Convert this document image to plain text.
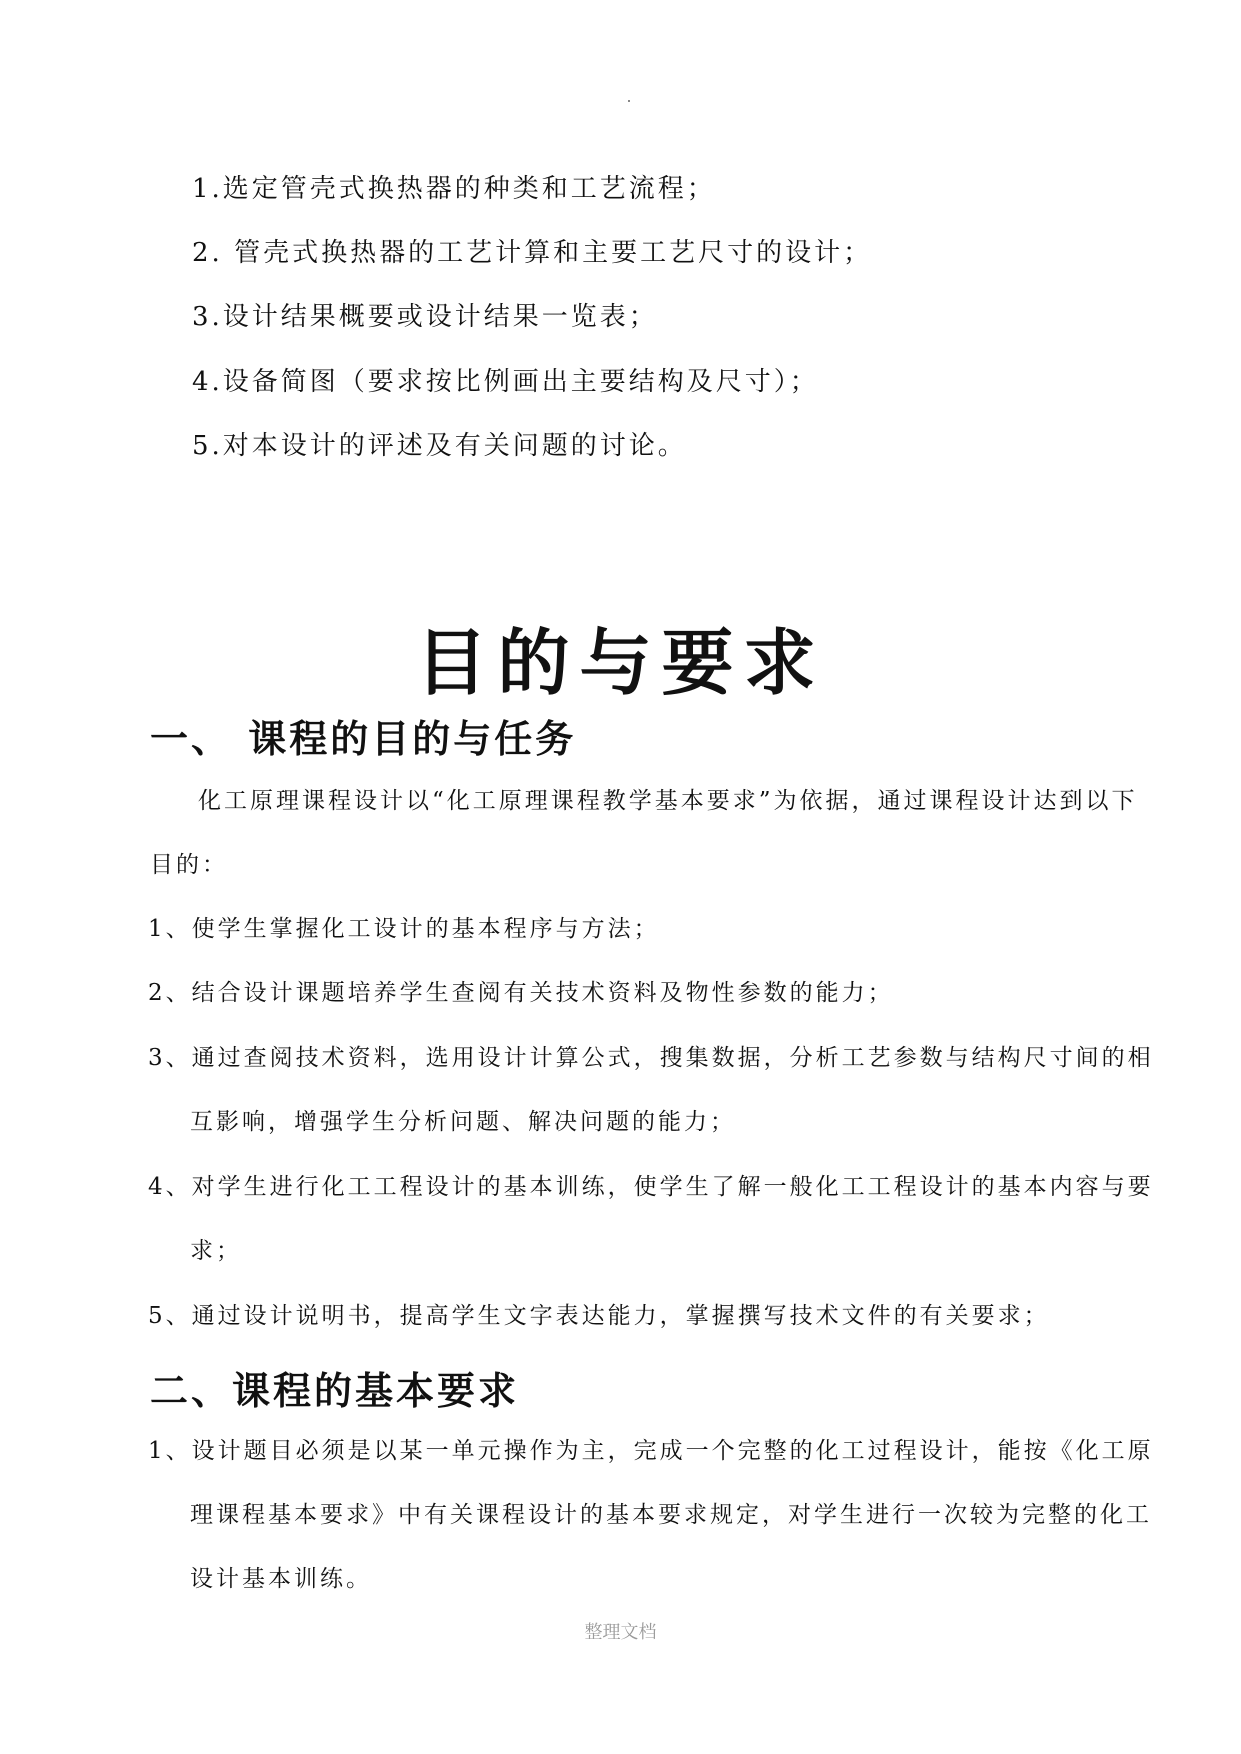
1.选定管壳式换热器的种类和工艺流程；
2. 管壳式换热器的工艺计算和主要工艺尺寸的设计；
3.设计结果概要或设计结果一览表；
4.设备简图（要求按比例画出主要结构及尺寸）；
5.对本设计的评述及有关问题的讨论。
目的与要求
一、 课程的目的与任务
化工原理课程设计以“化工原理课程教学基本要求”为依据，通过课程设计达到以下
目的：
1、使学生掌握化工设计的基本程序与方法；
2、结合设计课题培养学生查阅有关技术资料及物性参数的能力；
3、通过查阅技术资料，选用设计计算公式，搜集数据，分析工艺参数与结构尺寸间的相
互影响，增强学生分析问题、解决问题的能力；
4、对学生进行化工工程设计的基本训练，使学生了解一般化工工程设计的基本内容与要
求；
5、通过设计说明书，提高学生文字表达能力，掌握撰写技术文件的有关要求；
二、课程的基本要求
1、设计题目必须是以某一单元操作为主，完成一个完整的化工过程设计，能按《化工原
理课程基本要求》中有关课程设计的基本要求规定，对学生进行一次较为完整的化工
设计基本训练。
整理文档
